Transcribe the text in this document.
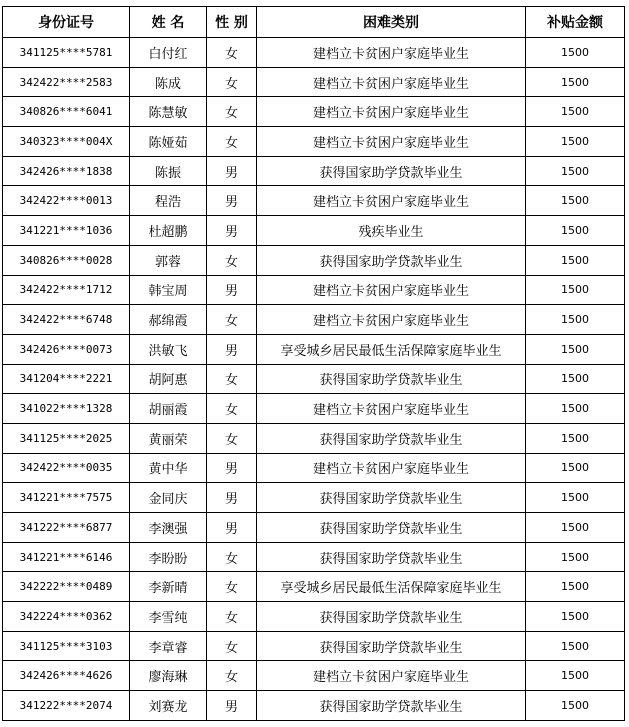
身份证号	姓 名	性 别	困难类别	补贴金额
341125****5781	白付红	女	建档立卡贫困户家庭毕业生	1500
342422****2583	陈成	女	建档立卡贫困户家庭毕业生	1500
340826****6041	陈慧敏	女	建档立卡贫困户家庭毕业生	1500
340323****004X	陈娅茹	女	建档立卡贫困户家庭毕业生	1500
342426****1838	陈振	男	获得国家助学贷款毕业生	1500
342422****0013	程浩	男	建档立卡贫困户家庭毕业生	1500
341221****1036	杜超鹏	男	残疾毕业生	1500
340826****0028	郭蓉	女	获得国家助学贷款毕业生	1500
342422****1712	韩宝周	男	建档立卡贫困户家庭毕业生	1500
342422****6748	郝绵霞	女	建档立卡贫困户家庭毕业生	1500
342426****0073	洪敏飞	男	享受城乡居民最低生活保障家庭毕业生	1500
341204****2221	胡阿惠	女	获得国家助学贷款毕业生	1500
341022****1328	胡丽霞	女	建档立卡贫困户家庭毕业生	1500
341125****2025	黄丽荣	女	获得国家助学贷款毕业生	1500
342422****0035	黄中华	男	建档立卡贫困户家庭毕业生	1500
341221****7575	金同庆	男	获得国家助学贷款毕业生	1500
341222****6877	李澳强	男	获得国家助学贷款毕业生	1500
341221****6146	李盼盼	女	获得国家助学贷款毕业生	1500
342222****0489	李新晴	女	享受城乡居民最低生活保障家庭毕业生	1500
342224****0362	李雪纯	女	获得国家助学贷款毕业生	1500
341125****3103	李章睿	女	获得国家助学贷款毕业生	1500
342426****4626	廖海琳	女	建档立卡贫困户家庭毕业生	1500
341222****2074	刘赛龙	男	获得国家助学贷款毕业生	1500
